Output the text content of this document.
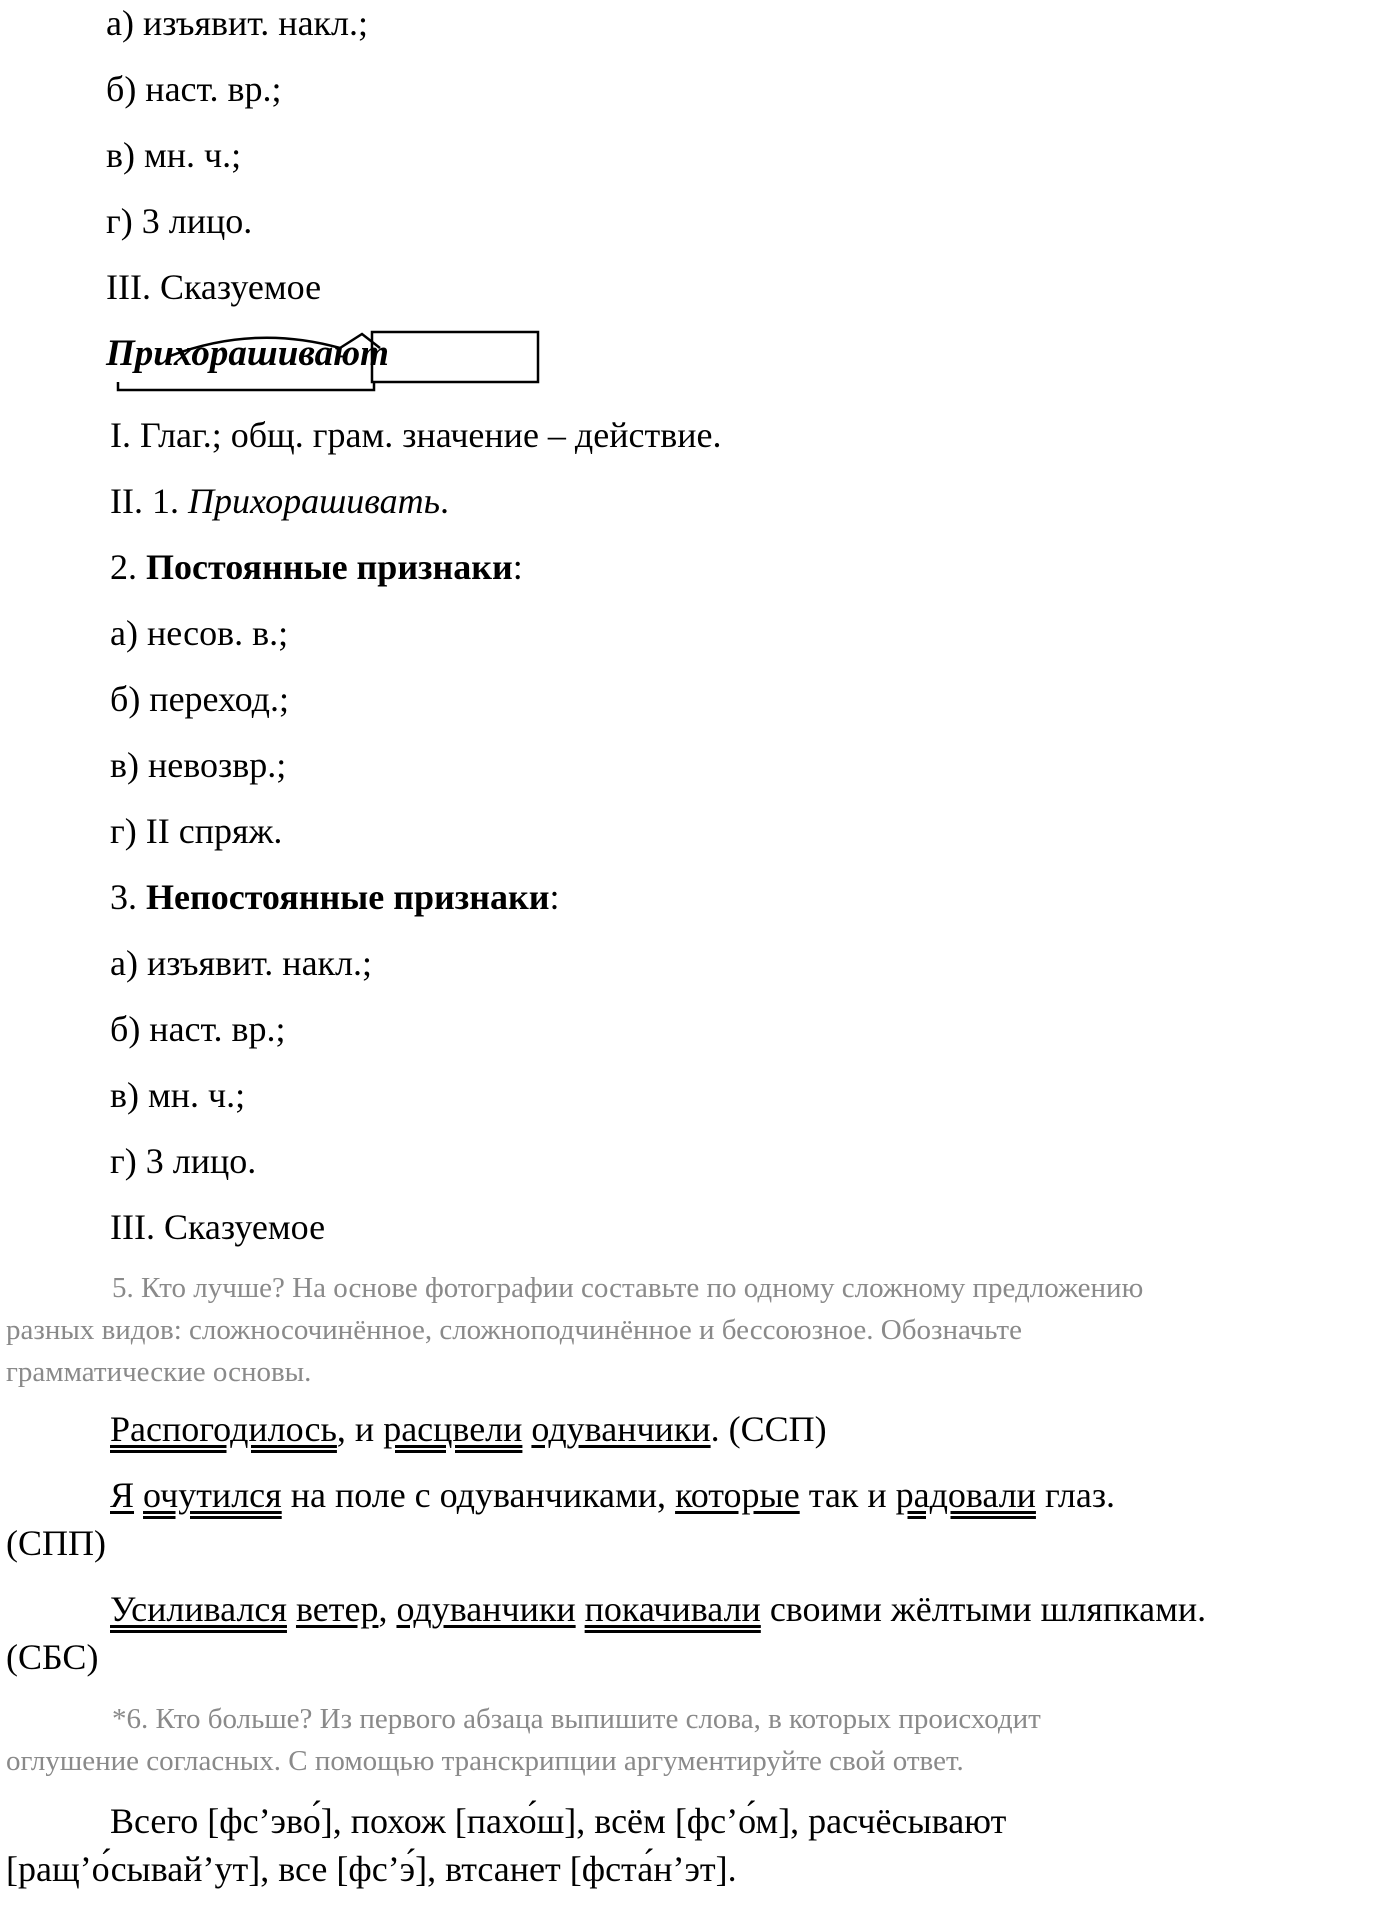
а) изъявит. накл.;
б) наст. вр.;
в) мн. ч.;
г) 3 лицо.
III. Сказуемое
Прихорашивают
I. Глаг.; общ. грам. значение – действие.
II. 1. Прихорашивать.
2. Постоянные признаки:
а) несов. в.;
б) переход.;
в) невозвр.;
г) II спряж.
3. Непостоянные признаки:
а) изъявит. накл.;
б) наст. вр.;
в) мн. ч.;
г) 3 лицо.
III. Сказуемое
5. Кто лучше? На основе фотографии составьте по одному сложному предложению
разных видов: сложносочинённое, сложноподчинённое и бессоюзное. Обозначьте
грамматические основы.
Распогодилось, и расцвели одуванчики. (ССП)
Я очутился на поле с одуванчиками, которые так и радовали глаз.
(СПП)
Усиливался ветер, одуванчики покачивали своими жёлтыми шляпками.
(СБС)
*6. Кто больше? Из первого абзаца выпишите слова, в которых происходит
оглушение согласных. С помощью транскрипции аргументируйте свой ответ.
Всего [фс’эво́], похож [пахо́ш], всём [фс’о́м], расчёсывают
[ращ’о́сывай’ут], все [фс’э́], втсанет [фста́н’эт].
